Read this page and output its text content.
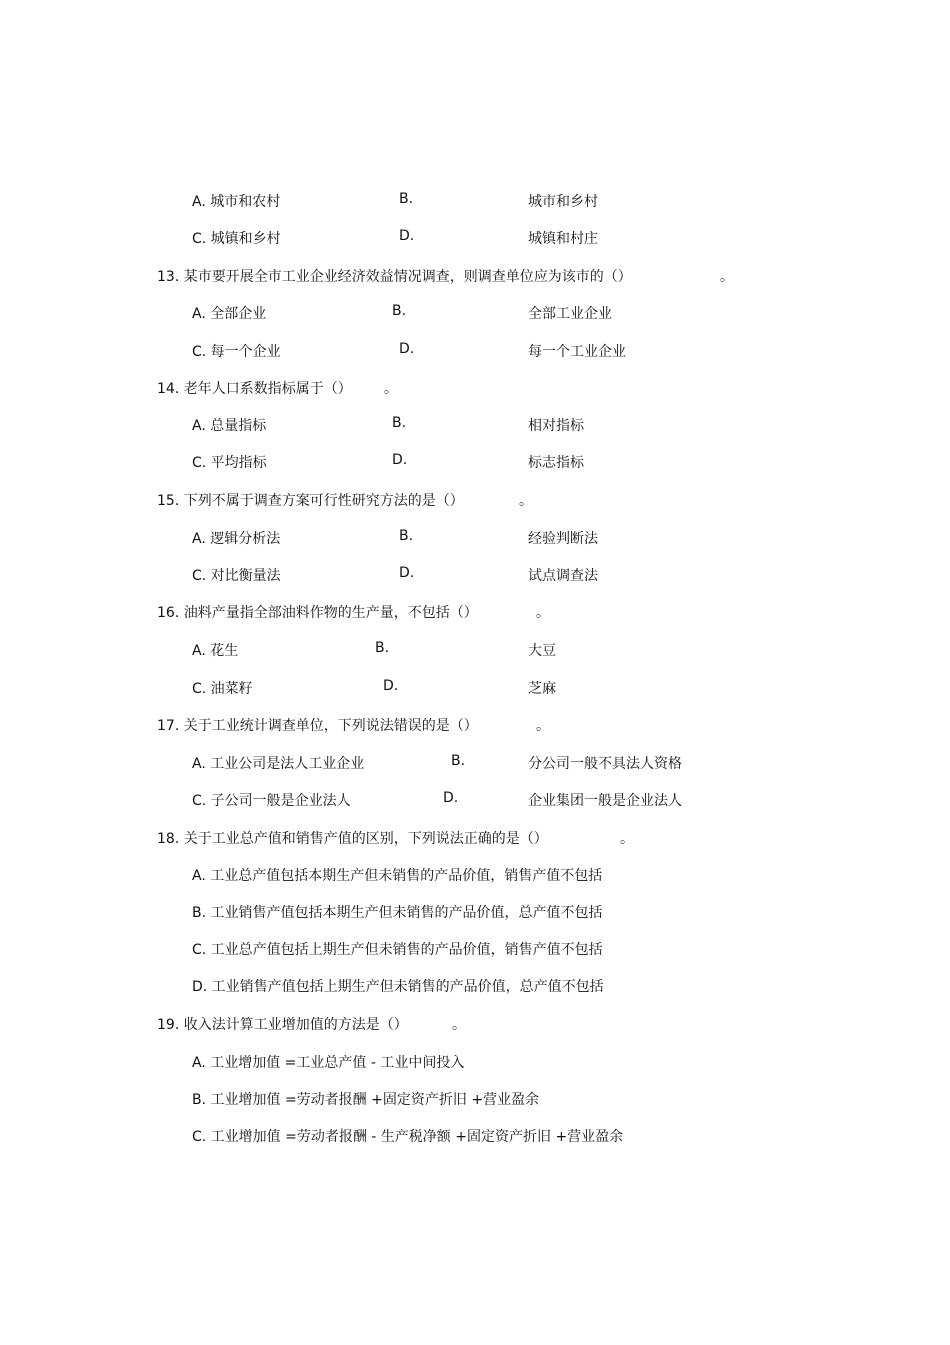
A. 城市和农村	B.	城市和乡村
C. 城镇和乡村	D.	城镇和村庄
13. 某市要开展全市工业企业经济效益情况调查，则调查单位应为该市的（）	。
A. 全部企业	B.	全部工业企业
C. 每一个企业	D.	每一个工业企业
14. 老年人口系数指标属于（） 。
A. 总量指标	B.	相对指标
C. 平均指标	D.	标志指标
15. 下列不属于调查方案可行性研究方法的是（）	。
A. 逻辑分析法	B.	经验判断法
C. 对比衡量法	D.	试点调查法
16. 油料产量指全部油料作物的生产量，不包括（）	。
A. 花生	B.	大豆
C. 油菜籽	D.	芝麻
17. 关于工业统计调查单位，下列说法错误的是（）	。
A. 工业公司是法人工业企业	B.	分公司一般不具法人资格
C. 子公司一般是企业法人	D.	企业集团一般是企业法人
18. 关于工业总产值和销售产值的区别，下列说法正确的是（）	。
A. 工业总产值包括本期生产但未销售的产品价值，销售产值不包括
B. 工业销售产值包括本期生产但未销售的产品价值，总产值不包括
C. 工业总产值包括上期生产但未销售的产品价值，销售产值不包括
D. 工业销售产值包括上期生产但未销售的产品价值，总产值不包括
19. 收入法计算工业增加值的方法是（）	。
A. 工业增加值 =工业总产值 - 工业中间投入
B. 工业增加值 =劳动者报酬 +固定资产折旧 +营业盈余
C. 工业增加值 =劳动者报酬 - 生产税净额 +固定资产折旧 +营业盈余
